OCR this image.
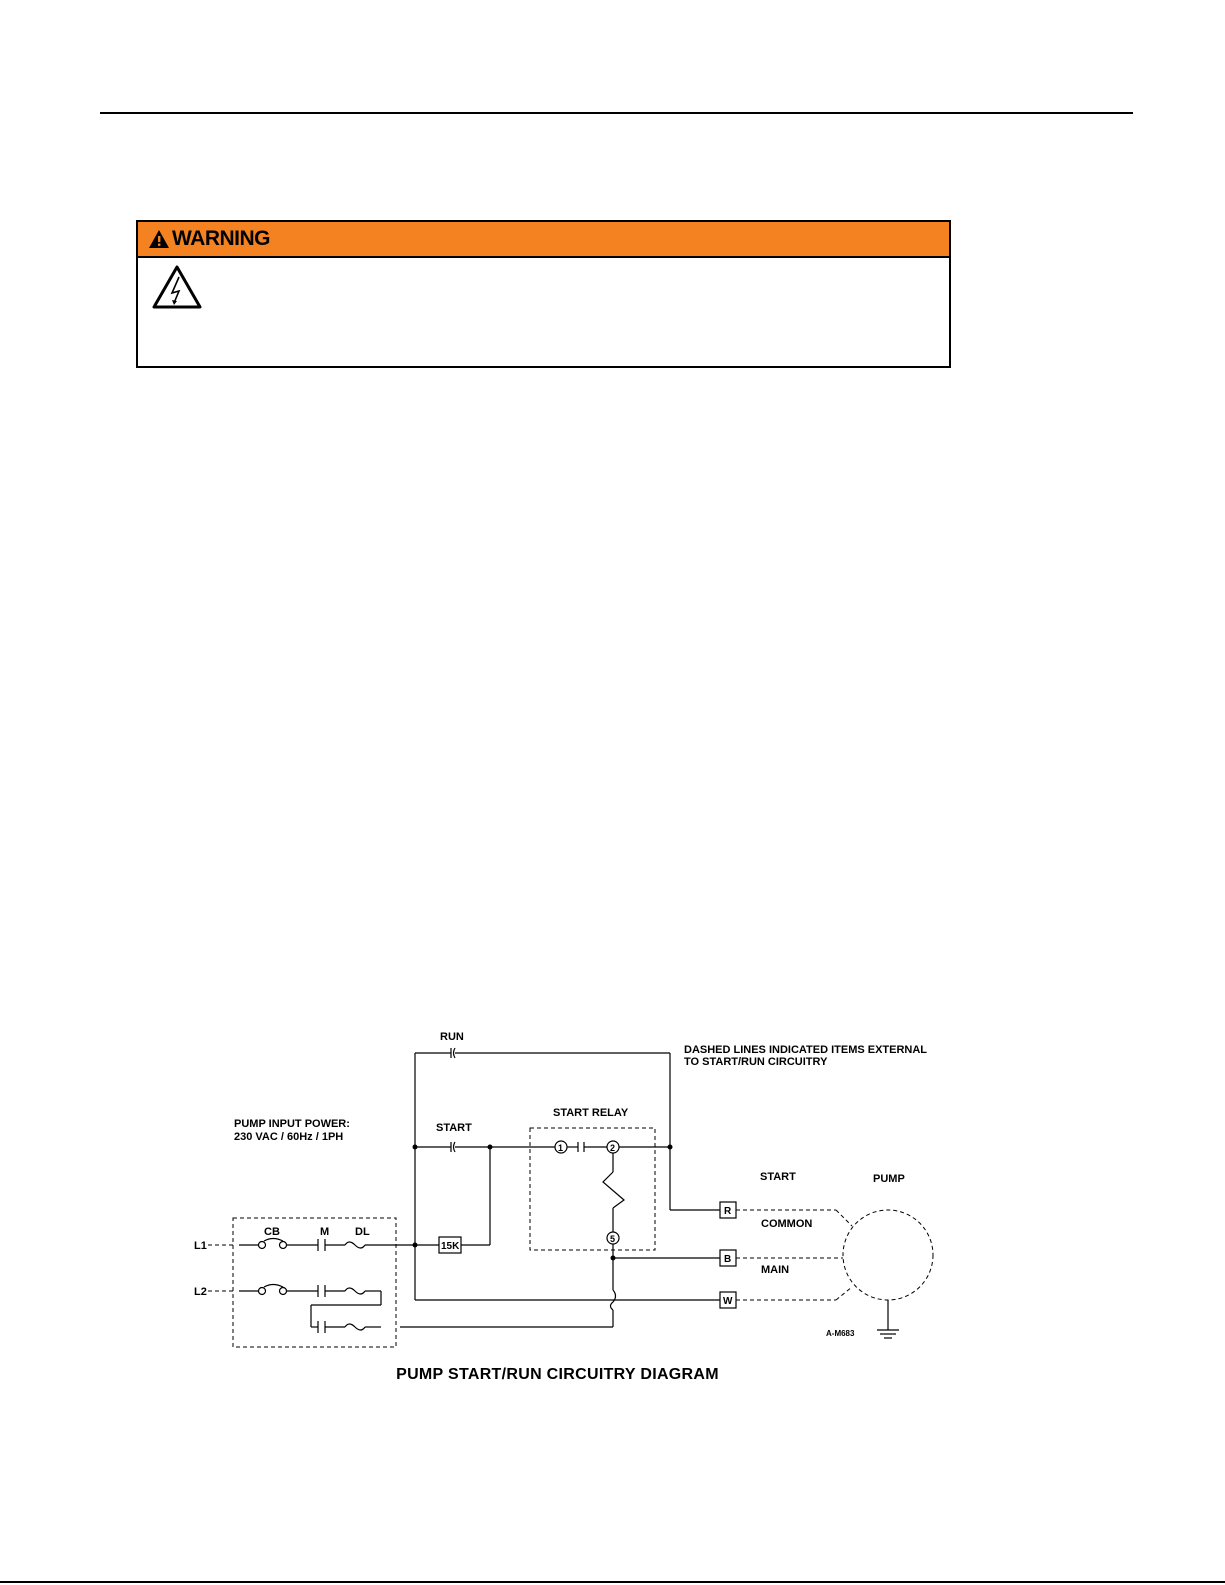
WARNING
RUN
DASHED LINES INDICATED ITEMS EXTERNAL
TO START/RUN CIRCUITRY
PUMP INPUT POWER:
230 VAC / 60Hz / 1PH
START
START RELAY
START	PUMP
COMMON
MAIN
CB	M DL
L1
L2
A-M683
1	2
5
15K
R
B
W
PUMP START/RUN CIRCUITRY DIAGRAM
